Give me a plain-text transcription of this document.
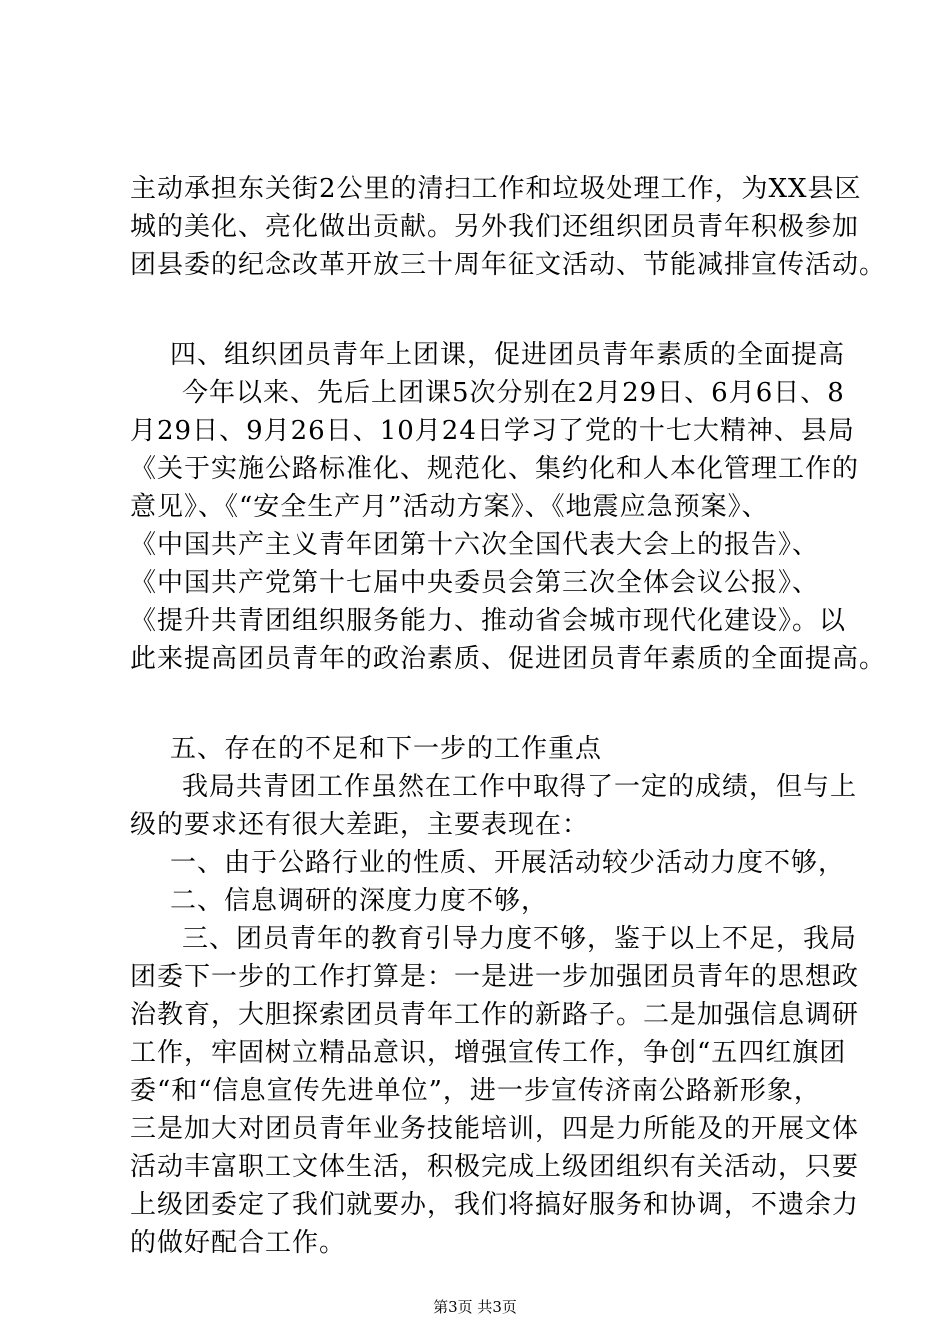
主动承担东关街2公里的清扫工作和垃圾处理工作，为XX县区
城的美化、亮化做出贡献。另外我们还组织团员青年积极参加
团县委的纪念改革开放三十周年征文活动、节能减排宣传活动。
四、组织团员青年上团课，促进团员青年素质的全面提高
今年以来、先后上团课5次分别在2月29日、6月6日、8
月29日、9月26日、10月24日学习了党的十七大精神、县局
《关于实施公路标准化、规范化、集约化和人本化管理工作的
意见》、《“安全生产月”活动方案》、《地震应急预案》、
《中国共产主义青年团第十六次全国代表大会上的报告》、
《中国共产党第十七届中央委员会第三次全体会议公报》、
《提升共青团组织服务能力、推动省会城市现代化建设》。以
此来提高团员青年的政治素质、促进团员青年素质的全面提高。
五、存在的不足和下一步的工作重点
我局共青团工作虽然在工作中取得了一定的成绩，但与上
级的要求还有很大差距，主要表现在：
一、由于公路行业的性质、开展活动较少活动力度不够，
二、信息调研的深度力度不够，
三、团员青年的教育引导力度不够，鉴于以上不足，我局
团委下一步的工作打算是：一是进一步加强团员青年的思想政
治教育，大胆探索团员青年工作的新路子。二是加强信息调研
工作，牢固树立精品意识，增强宣传工作，争创“五四红旗团
委“和“信息宣传先进单位”，进一步宣传济南公路新形象，
三是加大对团员青年业务技能培训，四是力所能及的开展文体
活动丰富职工文体生活，积极完成上级团组织有关活动，只要
上级团委定了我们就要办，我们将搞好服务和协调，不遗余力
的做好配合工作。
第3页 共3页
